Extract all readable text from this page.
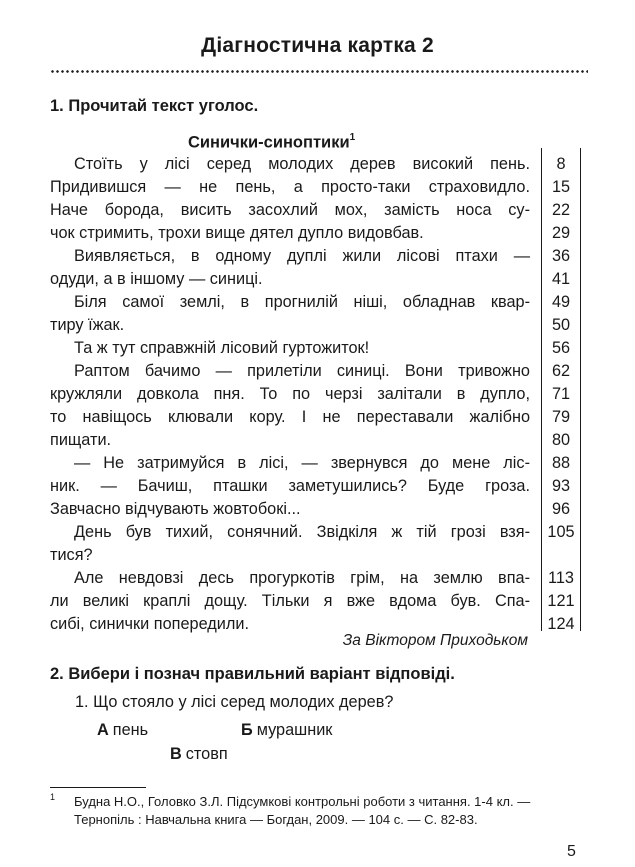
Діагностична картка 2
1. Прочитай текст уголос.
Синички-синоптики$^1$
Стоїть у лісі серед молодих дерев високий пень.
Придивишся — не пень, а просто-таки страховидло.
Наче борода, висить засохлий мох, замість носа су-
чок стримить, трохи вище дятел дупло видовбав.
Виявляється, в одному дуплі жили лісові птахи —
одуди, а в іншому — синиці.
Біля самої землі, в прогнилій ніші, обладнав квар-
тиру їжак.
Та ж тут справжній лісовий гуртожиток!
Раптом бачимо — прилетіли синиці. Вони тривожно
кружляли довкола пня. То по черзі залітали в дупло,
то навіщось клювали кору. І не переставали жалібно
пищати.
— Не затримуйся в лісі, — звернувся до мене ліс-
ник. — Бачиш, пташки заметушились? Буде гроза.
Завчасно відчувають жовтобокі...
День був тихий, сонячний. Звідкіля ж тій грозі взя-
тися?
Але невдовзі десь прогуркотів грім, на землю впа-
ли великі краплі дощу. Тільки я вже вдома був. Спа-
сибі, синички попередили.
8
15
22
29
36
41
49
50
56
62
71
79
80
88
93
96
105
113
121
124
За Віктором Приходьком
2. Вибери і познач правильний варіант відповіді.
1. Що стояло у лісі серед молодих дерев?
А пень	Б мурашник
В стовп
1 Будна Н.О., Головко З.Л. Підсумкові контрольні роботи з читання. 1-4 кл. —
Тернопіль : Навчальна книга — Богдан, 2009. — 104 с. — С. 82-83.
5
